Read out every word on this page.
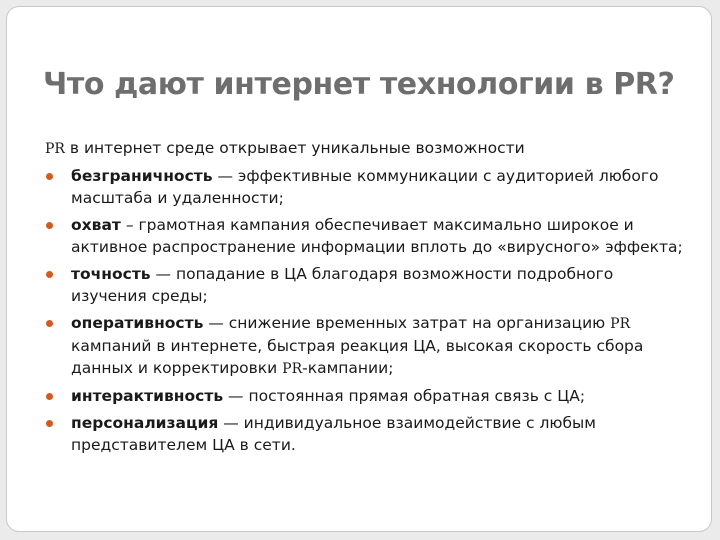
Что дают интернет технологии в PR?

PR в интернет среде открывает уникальные возможности

безграничность — эффективные коммуникации с аудиторией любого масштаба и удаленности;
охват – грамотная кампания обеспечивает максимально широкое и активное распространение информации вплоть до «вирусного» эффекта;
точность — попадание в ЦА благодаря возможности подробного изучения среды;
оперативность — снижение временных затрат на организацию PR кампаний в интернете, быстрая реакция ЦА, высокая скорость сбора данных и корректировки PR-кампании;
интерактивность — постоянная прямая обратная связь с ЦА;
персонализация — индивидуальное взаимодействие с любым представителем ЦА в сети.
